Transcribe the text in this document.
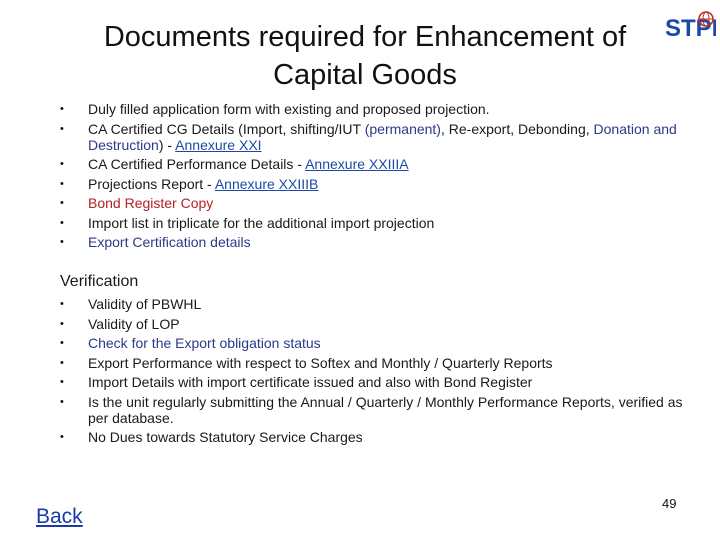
Documents required for Enhancement of Capital Goods
STPI
• Duly filled application form with existing and proposed projection.
• CA Certified CG Details (Import, shifting/IUT (permanent), Re-export, Debonding, Donation and Destruction) - Annexure XXI
• CA Certified Performance Details - Annexure XXIIIA
• Projections Report - Annexure XXIIIB
• Bond Register Copy
• Import list in triplicate for the additional import projection
• Export Certification details
Verification
• Validity of PBWHL
• Validity of LOP
• Check for the Export obligation status
• Export Performance with respect to Softex and Monthly / Quarterly Reports
• Import Details with import certificate issued and also with Bond Register
• Is the unit regularly submitting the Annual / Quarterly / Monthly Performance Reports, verified as per database.
• No Dues towards Statutory Service Charges
Back
49
